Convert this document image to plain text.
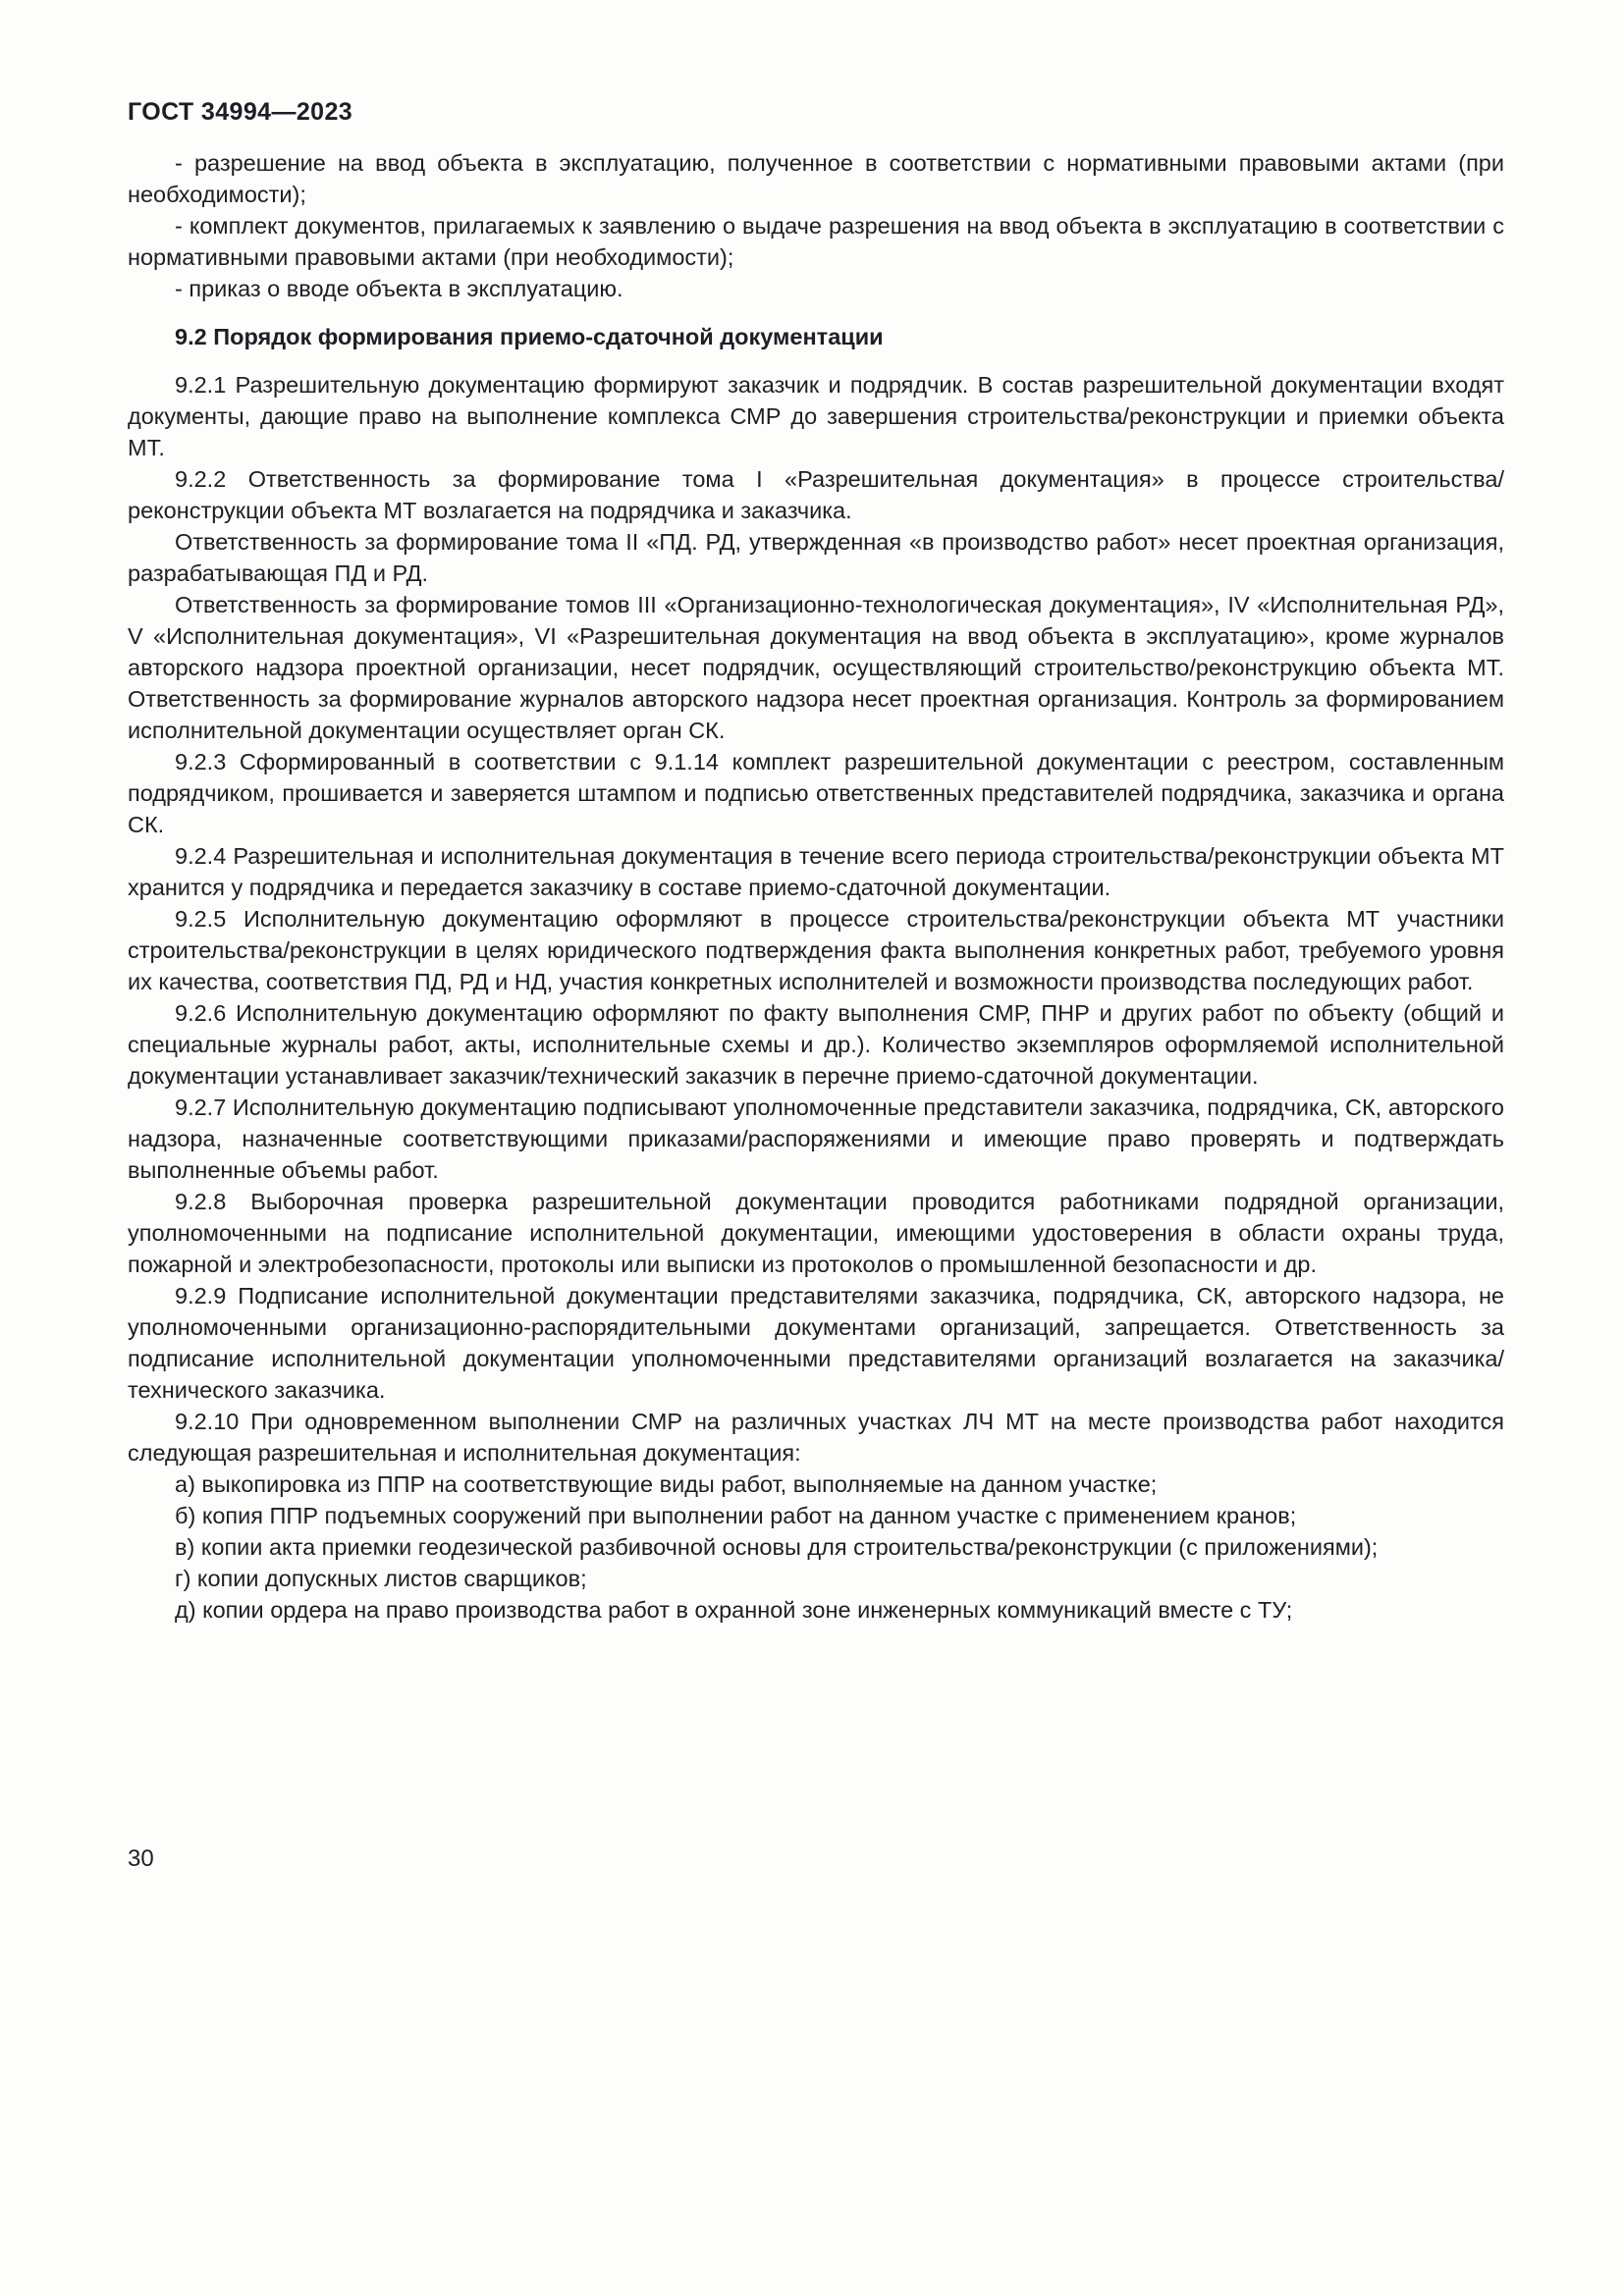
ГОСТ 34994—2023

- разрешение на ввод объекта в эксплуатацию, полученное в соответствии с нормативными правовыми актами (при необходимости);

- комплект документов, прилагаемых к заявлению о выдаче разрешения на ввод объекта в эксплуатацию в соответствии с нормативными правовыми актами (при необходимости);

- приказ о вводе объекта в эксплуатацию.

9.2 Порядок формирования приемо-сдаточной документации

9.2.1 Разрешительную документацию формируют заказчик и подрядчик. В состав разрешительной документации входят документы, дающие право на выполнение комплекса СМР до завершения строительства/реконструкции и приемки объекта МТ.

9.2.2 Ответственность за формирование тома I «Разрешительная документация» в процессе строительства/реконструкции объекта МТ возлагается на подрядчика и заказчика.

Ответственность за формирование тома II «ПД. РД, утвержденная «в производство работ» несет проектная организация, разрабатывающая ПД и РД.

Ответственность за формирование томов III «Организационно-технологическая документация», IV «Исполнительная РД», V «Исполнительная документация», VI «Разрешительная документация на ввод объекта в эксплуатацию», кроме журналов авторского надзора проектной организации, несет подрядчик, осуществляющий строительство/реконструкцию объекта МТ. Ответственность за формирование журналов авторского надзора несет проектная организация. Контроль за формированием исполнительной документации осуществляет орган СК.

9.2.3 Сформированный в соответствии с 9.1.14 комплект разрешительной документации с реестром, составленным подрядчиком, прошивается и заверяется штампом и подписью ответственных представителей подрядчика, заказчика и органа СК.

9.2.4 Разрешительная и исполнительная документация в течение всего периода строительства/реконструкции объекта МТ хранится у подрядчика и передается заказчику в составе приемо-сдаточной документации.

9.2.5 Исполнительную документацию оформляют в процессе строительства/реконструкции объекта МТ участники строительства/реконструкции в целях юридического подтверждения факта выполнения конкретных работ, требуемого уровня их качества, соответствия ПД, РД и НД, участия конкретных исполнителей и возможности производства последующих работ.

9.2.6 Исполнительную документацию оформляют по факту выполнения СМР, ПНР и других работ по объекту (общий и специальные журналы работ, акты, исполнительные схемы и др.). Количество экземпляров оформляемой исполнительной документации устанавливает заказчик/технический заказчик в перечне приемо-сдаточной документации.

9.2.7 Исполнительную документацию подписывают уполномоченные представители заказчика, подрядчика, СК, авторского надзора, назначенные соответствующими приказами/распоряжениями и имеющие право проверять и подтверждать выполненные объемы работ.

9.2.8 Выборочная проверка разрешительной документации проводится работниками подрядной организации, уполномоченными на подписание исполнительной документации, имеющими удостоверения в области охраны труда, пожарной и электробезопасности, протоколы или выписки из протоколов о промышленной безопасности и др.

9.2.9 Подписание исполнительной документации представителями заказчика, подрядчика, СК, авторского надзора, не уполномоченными организационно-распорядительными документами организаций, запрещается. Ответственность за подписание исполнительной документации уполномоченными представителями организаций возлагается на заказчика/технического заказчика.

9.2.10 При одновременном выполнении СМР на различных участках ЛЧ МТ на месте производства работ находится следующая разрешительная и исполнительная документация:

а) выкопировка из ППР на соответствующие виды работ, выполняемые на данном участке;

б) копия ППР подъемных сооружений при выполнении работ на данном участке с применением кранов;

в) копии акта приемки геодезической разбивочной основы для строительства/реконструкции (с приложениями);

г) копии допускных листов сварщиков;

д) копии ордера на право производства работ в охранной зоне инженерных коммуникаций вместе с ТУ;

30
